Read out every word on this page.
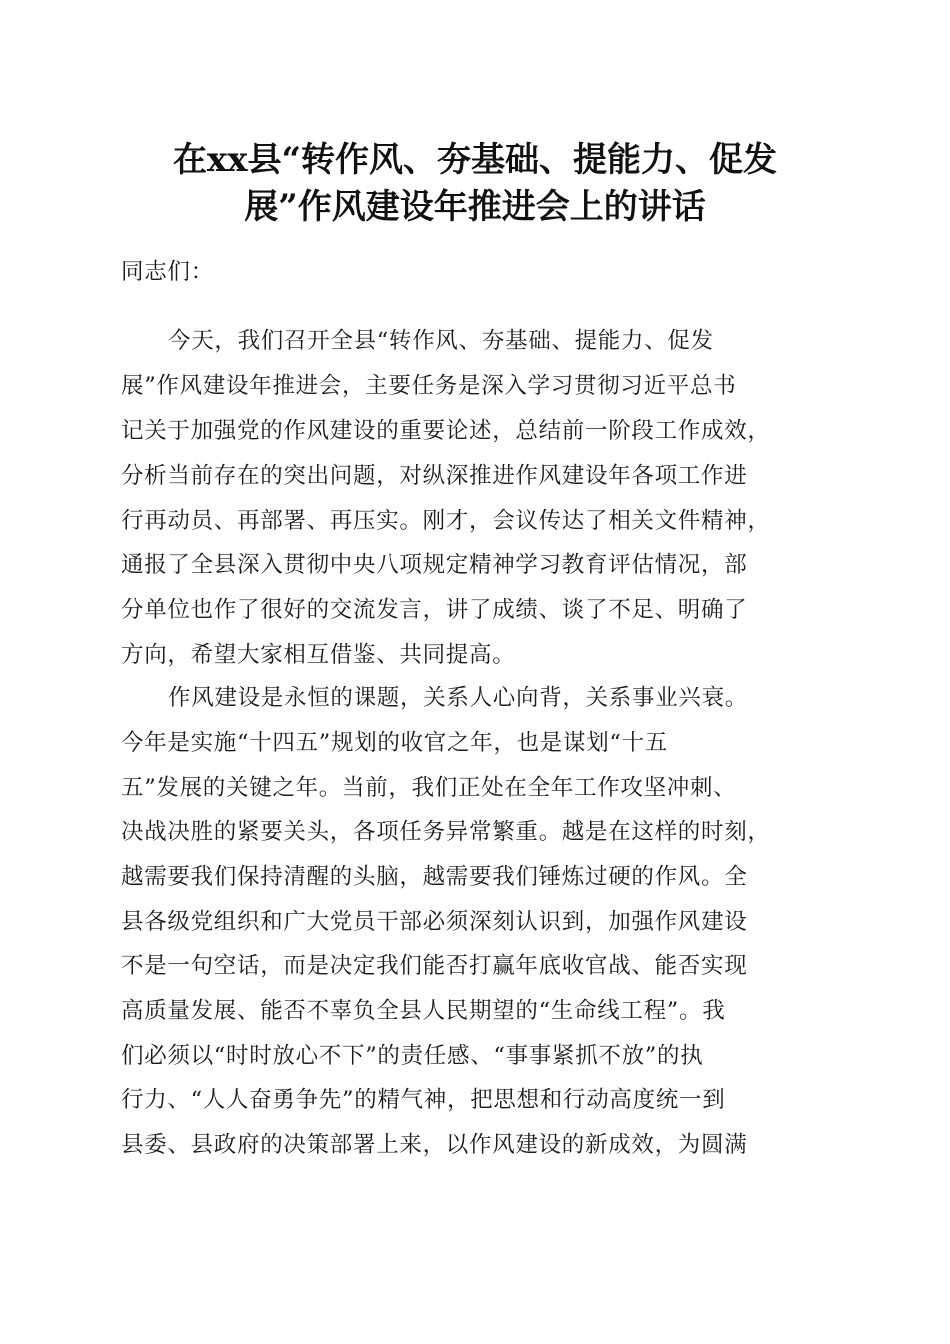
在xx县“转作风、夯基础、提能力、促发
展”作风建设年推进会上的讲话
同志们：
今天，我们召开全县“转作风、夯基础、提能力、促发
展”作风建设年推进会，主要任务是深入学习贯彻习近平总书
记关于加强党的作风建设的重要论述，总结前一阶段工作成效，
分析当前存在的突出问题，对纵深推进作风建设年各项工作进
行再动员、再部署、再压实。刚才，会议传达了相关文件精神，
通报了全县深入贯彻中央八项规定精神学习教育评估情况，部
分单位也作了很好的交流发言，讲了成绩、谈了不足、明确了
方向，希望大家相互借鉴、共同提高。
作风建设是永恒的课题，关系人心向背，关系事业兴衰。
今年是实施“十四五”规划的收官之年，也是谋划“十五
五”发展的关键之年。当前，我们正处在全年工作攻坚冲刺、
决战决胜的紧要关头，各项任务异常繁重。越是在这样的时刻，
越需要我们保持清醒的头脑，越需要我们锤炼过硬的作风。全
县各级党组织和广大党员干部必须深刻认识到，加强作风建设
不是一句空话，而是决定我们能否打赢年底收官战、能否实现
高质量发展、能否不辜负全县人民期望的“生命线工程”。我
们必须以“时时放心不下”的责任感、“事事紧抓不放”的执
行力、“人人奋勇争先”的精气神，把思想和行动高度统一到
县委、县政府的决策部署上来，以作风建设的新成效，为圆满
